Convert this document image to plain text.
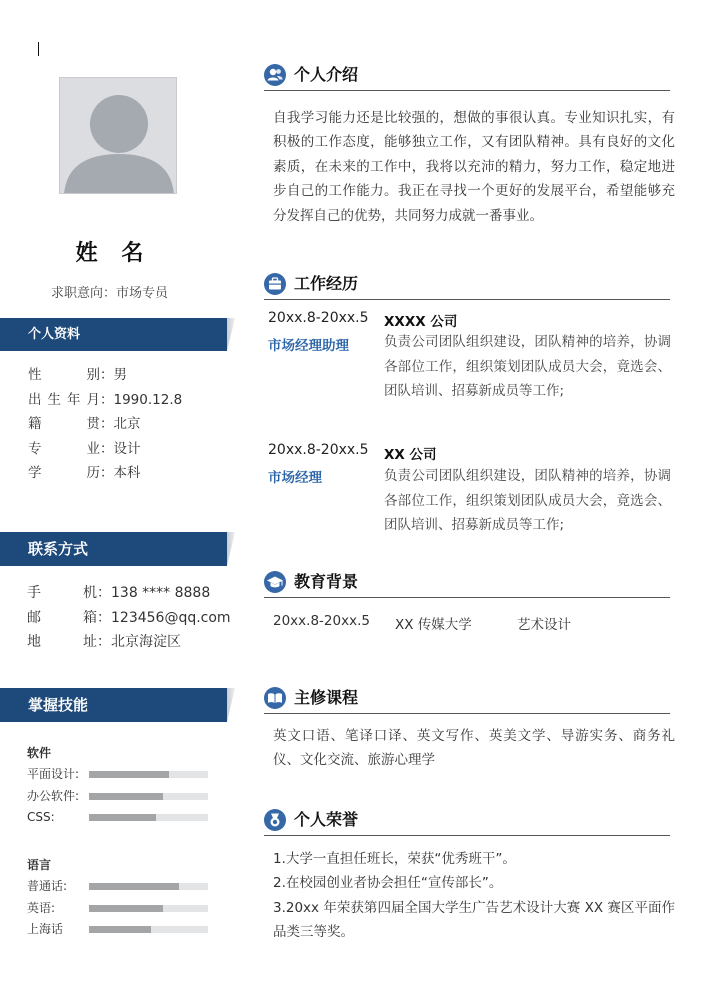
姓 名
求职意向：市场专员
个人资料
性别：男
出生年月：1990.12.8
籍贯：北京
专业：设计
学历：本科
联系方式
手机：138 **** 8888
邮箱：123456@qq.com
地址：北京海淀区
掌握技能
软件
平面设计:
办公软件:
CSS:
语言
普通话:
英语:
上海话
个人介绍
自我学习能力还是比较强的，想做的事很认真。专业知识扎实，有积极的工作态度，能够独立工作，又有团队精神。具有良好的文化素质，在未来的工作中，我将以充沛的精力，努力工作，稳定地进步自己的工作能力。我正在寻找一个更好的发展平台，希望能够充分发挥自己的优势，共同努力成就一番事业。
工作经历
20xx.8-20xx.5
市场经理助理
XXXX 公司
负责公司团队组织建设，团队精神的培养，协调各部位工作，组织策划团队成员大会，竟选会、团队培训、招募新成员等工作;
20xx.8-20xx.5
市场经理
XX 公司
负责公司团队组织建设，团队精神的培养，协调各部位工作，组织策划团队成员大会，竟选会、团队培训、招募新成员等工作;
教育背景
20xx.8-20xx.5 XX 传媒大学	艺术设计
主修课程
英文口语、笔译口译、英文写作、英美文学、导游实务、商务礼仪、文化交流、旅游心理学
个人荣誉
1.大学一直担任班长，荣获“优秀班干”。
2.在校园创业者协会担任“宣传部长”。
3.20xx 年荣获第四届全国大学生广告艺术设计大赛 XX 赛区平面作品类三等奖。
